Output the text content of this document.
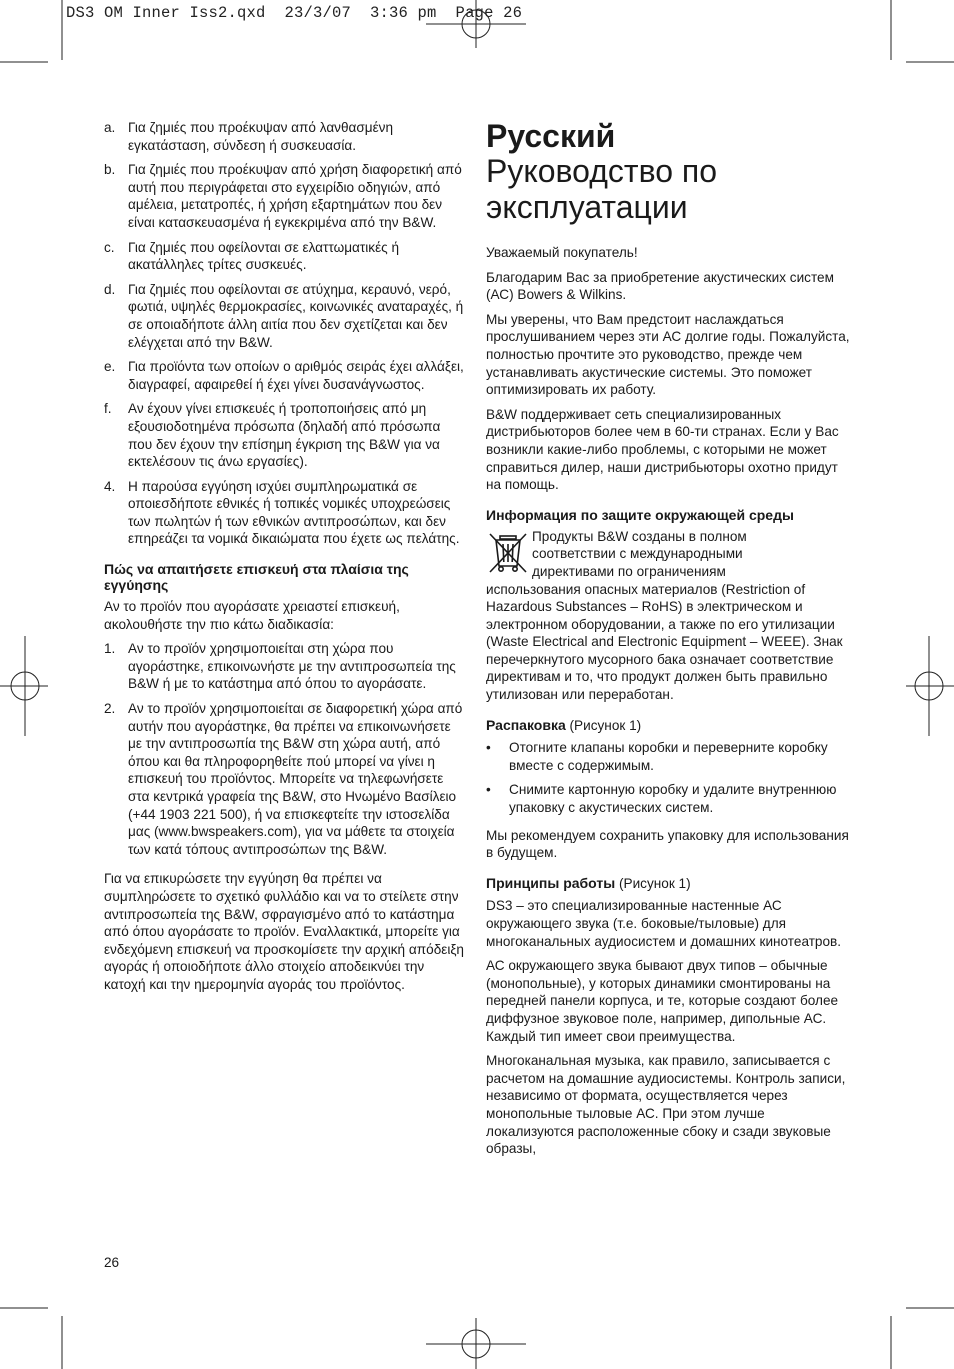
DS3 OM Inner Iss2.qxd  23/3/07  3:36 pm  Page 26
a. Για ζημιές που προέκυψαν από λανθασμένη εγκατάσταση, σύνδεση ή συσκευασία.
b. Για ζημιές που προέκυψαν από χρήση διαφορετική από αυτή που περιγράφεται στο εγχειρίδιο οδηγιών, από αμέλεια, μετατροπές, ή χρήση εξαρτημάτων που δεν είναι κατασκευασμένα ή εγκεκριμένα από την B&W.
c. Για ζημιές που οφείλονται σε ελαττωματικές ή ακατάλληλες τρίτες συσκευές.
d. Για ζημιές που οφείλονται σε ατύχημα, κεραυνό, νερό, φωτιά, υψηλές θερμοκρασίες, κοινωνικές αναταραχές, ή σε οποιαδήποτε άλλη αιτία που δεν σχετίζεται και δεν ελέγχεται από την B&W.
e. Για προϊόντα των οποίων ο αριθμός σειράς έχει αλλάξει, διαγραφεί, αφαιρεθεί ή έχει γίνει δυσανάγνωστος.
f. Αν έχουν γίνει επισκευές ή τροποποιήσεις από μη εξουσιοδοτημένα πρόσωπα (δηλαδή από πρόσωπα που δεν έχουν την επίσημη έγκριση της B&W για να εκτελέσουν τις άνω εργασίες).
4. Η παρούσα εγγύηση ισχύει συμπληρωματικά σε οποιεσδήποτε εθνικές ή τοπικές νομικές υποχρεώσεις των πωλητών ή των εθνικών αντιπροσώπων, και δεν επηρεάζει τα νομικά δικαιώματα που έχετε ως πελάτης.
Πώς να απαιτήσετε επισκευή στα πλαίσια της εγγύησης

Αν το προϊόν που αγοράσατε χρειαστεί επισκευή, ακολουθήστε την πιο κάτω διαδικασία:

1. Αν το προϊόν χρησιμοποιείται στη χώρα που αγοράστηκε, επικοινωνήστε με την αντιπροσωπεία της B&W ή με το κατάστημα από όπου το αγοράσατε.
2. Αν το προϊόν χρησιμοποιείται σε διαφορετική χώρα από αυτήν που αγοράστηκε, θα πρέπει να επικοινωνήσετε με την αντιπροσωπία της B&W στη χώρα αυτή, από όπου και θα πληροφορηθείτε πού μπορεί να γίνει η επισκευή του προϊόντος. Μπορείτε να τηλεφωνήσετε στα κεντρικά γραφεία της B&W, στο Ηνωμένο Βασίλειο (+44 1903 221 500), ή να επισκεφτείτε την ιστοσελίδα μας (www.bwspeakers.com), για να μάθετε τα στοιχεία των κατά τόπους αντιπροσώπων της B&W.

Για να επικυρώσετε την εγγύηση θα πρέπει να συμπληρώσετε το σχετικό φυλλάδιο και να το στείλετε στην αντιπροσωπεία της B&W, σφραγισμένο από το κατάστημα από όπου αγοράσατε το προϊόν. Εναλλακτικά, μπορείτε για ενδεχόμενη επισκευή να προσκομίσετε την αρχική απόδειξη αγοράς ή οποιοδήποτε άλλο στοιχείο αποδεικνύει την κατοχή και την ημερομηνία αγοράς του προϊόντος.

Русский
Руководство по эксплуатации

Уважаемый покупатель!

Благодарим Вас за приобретение акустических систем (АС) Bowers & Wilkins.

Мы уверены, что Вам предстоит наслаждаться прослушиванием через эти АС долгие годы. Пожалуйста, полностью прочтите это руководство, прежде чем устанавливать акустические системы. Это поможет оптимизировать их работу.

B&W поддерживает сеть специализированных дистрибьюторов более чем в 60-ти странах. Если у Вас возникли какие-либо проблемы, с которыми не может справиться дилер, наши дистрибьюторы охотно придут на помощь.

Информация по защите окружающей среды

Продукты B&W созданы в полном

соответствии с международными

директивами по ограничениям

использования опасных материалов (Restriction of Hazardous Substances – RoHS) в электрическом и электронном оборудовании, а также по его утилизации (Waste Electrical and Electronic Equipment – WEEE). Знак перечеркнутого мусорного бака означает соответствие директивам и то, что продукт должен быть правильно утилизован или переработан.

Распаковка (Рисунок 1)
• Отогните клапаны коробки и переверните коробку вместе с содержимым.
• Снимите картонную коробку и удалите внутреннюю упаковку с акустических систем.

Мы рекомендуем сохранить упаковку для использования в будущем.

Принципы работы (Рисунок 1)

DS3 – это специализированные настенные АС окружающего звука (т.е. боковые/тыловые) для многоканальных аудиосистем и домашних кинотеатров.

АС окружающего звука бывают двух типов – обычные (монопольные), у которых динамики смонтированы на передней панели корпуса, и те, которые создают более диффузное звуковое поле, например, дипольные АС. Каждый тип имеет свои преимущества.

Многоканальная музыка, как правило, записывается с расчетом на домашние аудиосистемы. Контроль записи, независимо от формата, осуществляется через монопольные тыловые АС. При этом лучше локализуются расположенные сбоку и сзади звуковые образы,

26
